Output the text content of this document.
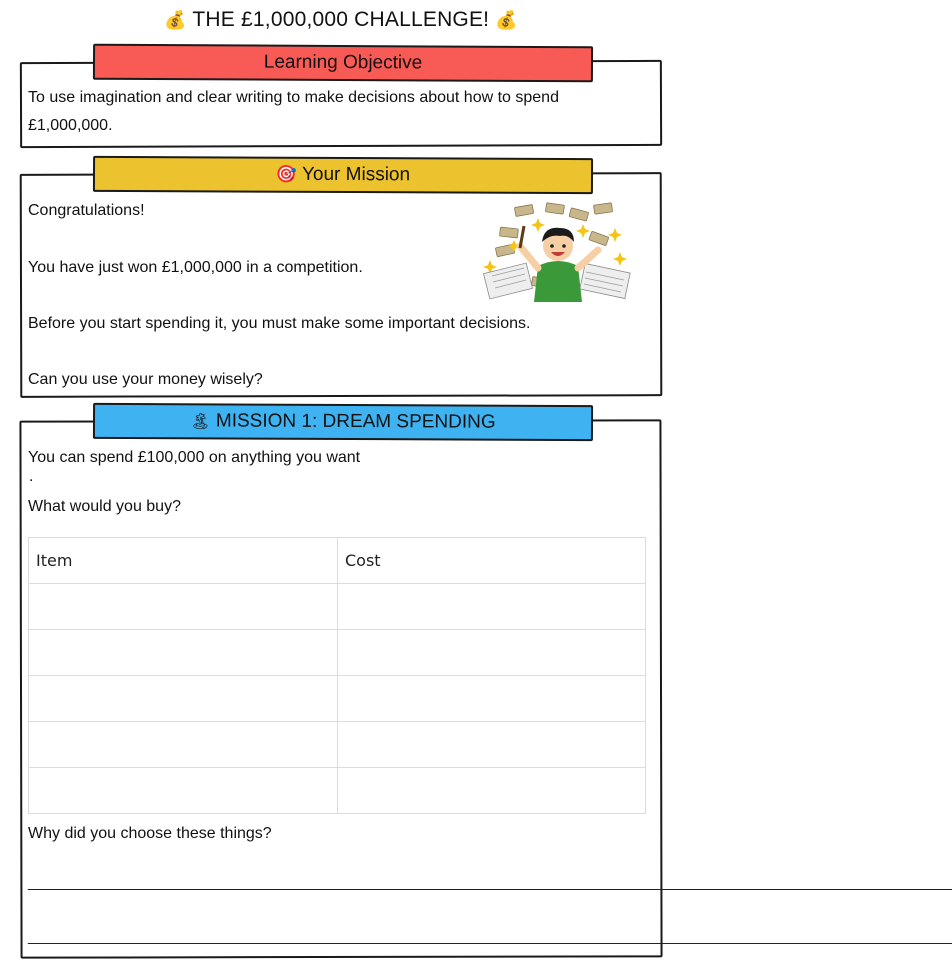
💰 THE £1,000,000 CHALLENGE! 💰
Learning Objective
To use imagination and clear writing to make decisions about how to spend
£1,000,000.
🎯 Your Mission
Congratulations!
You have just won £1,000,000 in a competition.
Before you start spending it, you must make some important decisions.
Can you use your money wisely?
🏝 MISSION 1: DREAM SPENDING
You can spend £100,000 on anything you want
.
What would you buy?
Item	Cost

Why did you choose these things?
______________________________________________________________________________________________________________
______________________________________________________________________________________________________________
